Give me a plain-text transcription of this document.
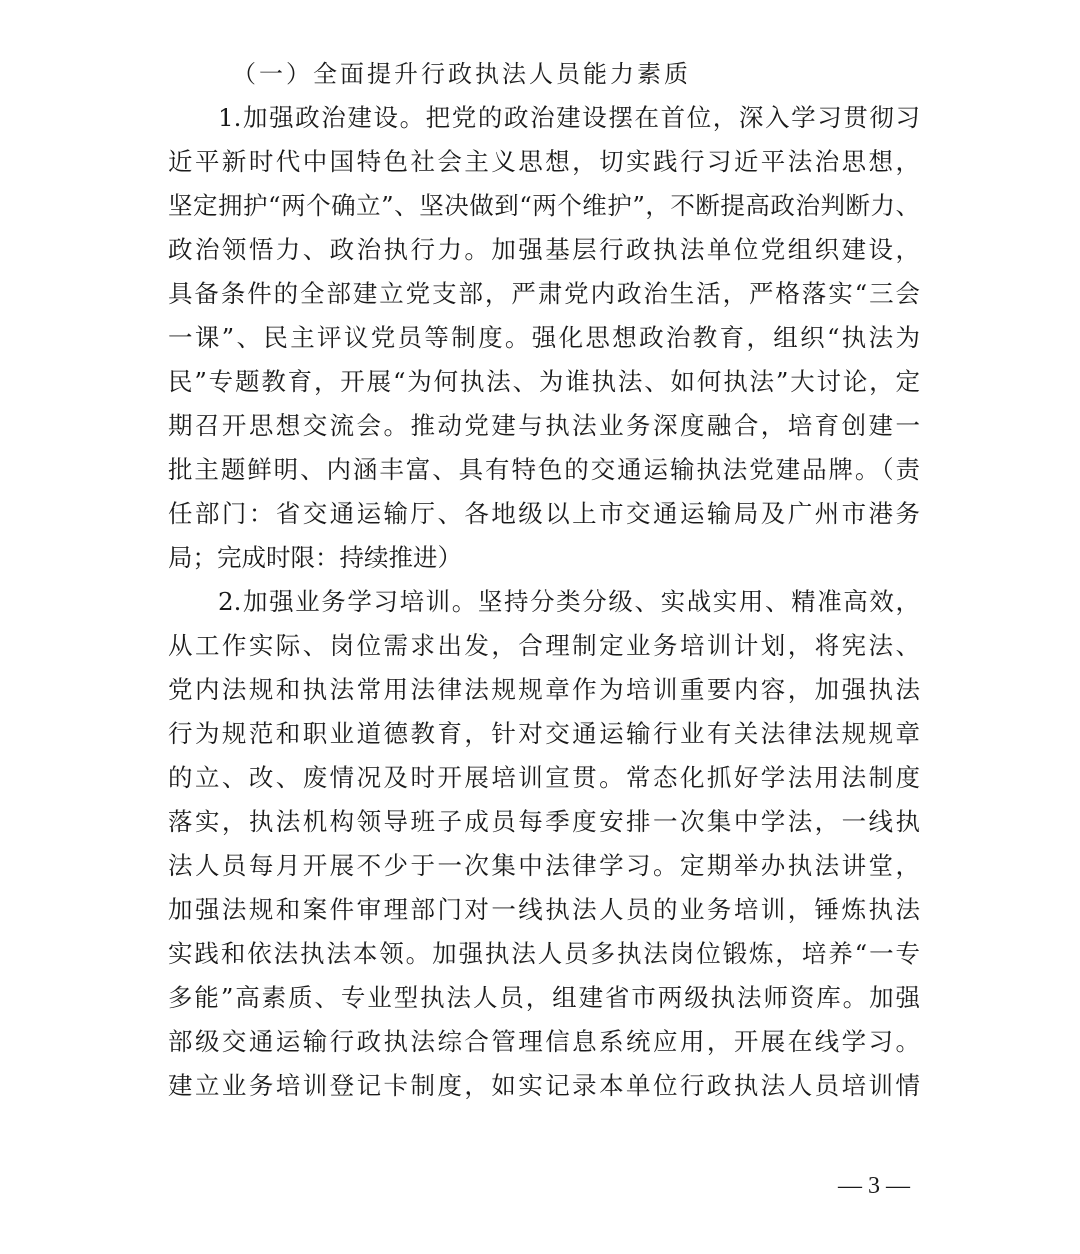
（一）全面提升行政执法人员能力素质
1.加强政治建设。把党的政治建设摆在首位，深入学习贯彻习
近平新时代中国特色社会主义思想，切实践行习近平法治思想，
坚定拥护“两个确立”、坚决做到“两个维护”，不断提高政治判断力、
政治领悟力、政治执行力。加强基层行政执法单位党组织建设，
具备条件的全部建立党支部，严肃党内政治生活，严格落实“三会
一课”、民主评议党员等制度。强化思想政治教育，组织“执法为
民”专题教育，开展“为何执法、为谁执法、如何执法”大讨论，定
期召开思想交流会。推动党建与执法业务深度融合，培育创建一
批主题鲜明、内涵丰富、具有特色的交通运输执法党建品牌。（责
任部门：省交通运输厅、各地级以上市交通运输局及广州市港务
局；完成时限：持续推进）
2.加强业务学习培训。坚持分类分级、实战实用、精准高效，
从工作实际、岗位需求出发，合理制定业务培训计划，将宪法、
党内法规和执法常用法律法规规章作为培训重要内容，加强执法
行为规范和职业道德教育，针对交通运输行业有关法律法规规章
的立、改、废情况及时开展培训宣贯。常态化抓好学法用法制度
落实，执法机构领导班子成员每季度安排一次集中学法，一线执
法人员每月开展不少于一次集中法律学习。定期举办执法讲堂，
加强法规和案件审理部门对一线执法人员的业务培训，锤炼执法
实践和依法执法本领。加强执法人员多执法岗位锻炼，培养“一专
多能”高素质、专业型执法人员，组建省市两级执法师资库。加强
部级交通运输行政执法综合管理信息系统应用，开展在线学习。
建立业务培训登记卡制度，如实记录本单位行政执法人员培训情
— 3 —
